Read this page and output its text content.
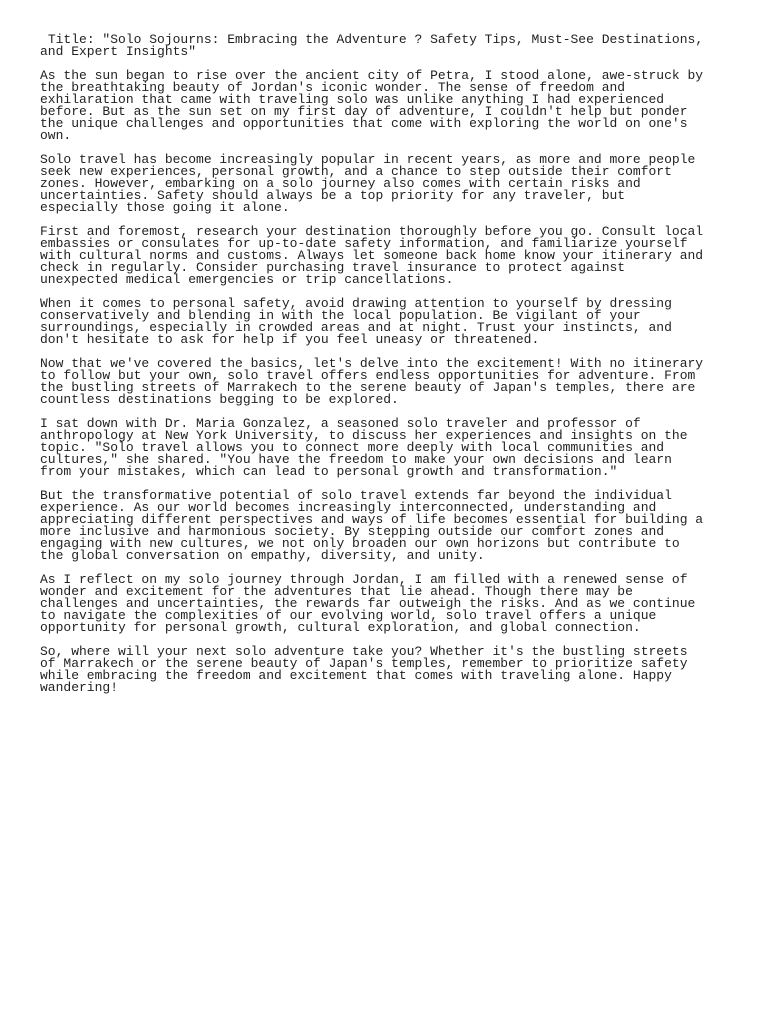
Title: "Solo Sojourns: Embracing the Adventure ? Safety Tips, Must-See Destinations,
and Expert Insights"

As the sun began to rise over the ancient city of Petra, I stood alone, awe-struck by
the breathtaking beauty of Jordan's iconic wonder. The sense of freedom and
exhilaration that came with traveling solo was unlike anything I had experienced
before. But as the sun set on my first day of adventure, I couldn't help but ponder
the unique challenges and opportunities that come with exploring the world on one's
own.

Solo travel has become increasingly popular in recent years, as more and more people
seek new experiences, personal growth, and a chance to step outside their comfort
zones. However, embarking on a solo journey also comes with certain risks and
uncertainties. Safety should always be a top priority for any traveler, but
especially those going it alone.

First and foremost, research your destination thoroughly before you go. Consult local
embassies or consulates for up-to-date safety information, and familiarize yourself
with cultural norms and customs. Always let someone back home know your itinerary and
check in regularly. Consider purchasing travel insurance to protect against
unexpected medical emergencies or trip cancellations.

When it comes to personal safety, avoid drawing attention to yourself by dressing
conservatively and blending in with the local population. Be vigilant of your
surroundings, especially in crowded areas and at night. Trust your instincts, and
don't hesitate to ask for help if you feel uneasy or threatened.

Now that we've covered the basics, let's delve into the excitement! With no itinerary
to follow but your own, solo travel offers endless opportunities for adventure. From
the bustling streets of Marrakech to the serene beauty of Japan's temples, there are
countless destinations begging to be explored.

I sat down with Dr. Maria Gonzalez, a seasoned solo traveler and professor of
anthropology at New York University, to discuss her experiences and insights on the
topic. "Solo travel allows you to connect more deeply with local communities and
cultures," she shared. "You have the freedom to make your own decisions and learn
from your mistakes, which can lead to personal growth and transformation."

But the transformative potential of solo travel extends far beyond the individual
experience. As our world becomes increasingly interconnected, understanding and
appreciating different perspectives and ways of life becomes essential for building a
more inclusive and harmonious society. By stepping outside our comfort zones and
engaging with new cultures, we not only broaden our own horizons but contribute to
the global conversation on empathy, diversity, and unity.

As I reflect on my solo journey through Jordan, I am filled with a renewed sense of
wonder and excitement for the adventures that lie ahead. Though there may be
challenges and uncertainties, the rewards far outweigh the risks. And as we continue
to navigate the complexities of our evolving world, solo travel offers a unique
opportunity for personal growth, cultural exploration, and global connection.

So, where will your next solo adventure take you? Whether it's the bustling streets
of Marrakech or the serene beauty of Japan's temples, remember to prioritize safety
while embracing the freedom and excitement that comes with traveling alone. Happy
wandering!
